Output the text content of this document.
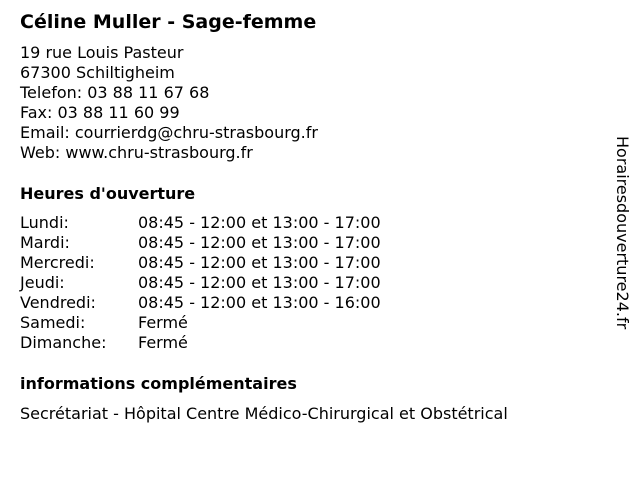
Céline Muller - Sage-femme
19 rue Louis Pasteur
67300 Schiltigheim
Telefon: 03 88 11 67 68
Fax: 03 88 11 60 99
Email: courrierdg@chru-strasbourg.fr
Web: www.chru-strasbourg.fr
Heures d'ouverture
Lundi:	08:45 - 12:00 et 13:00 - 17:00
Mardi:	08:45 - 12:00 et 13:00 - 17:00
Mercredi:	08:45 - 12:00 et 13:00 - 17:00
Jeudi:	08:45 - 12:00 et 13:00 - 17:00
Vendredi:	08:45 - 12:00 et 13:00 - 16:00
Samedi:	Fermé
Dimanche: Fermé
informations complémentaires
Secrétariat - Hôpital Centre Médico-Chirurgical et Obstétrical
Horairesdouverture24.fr
